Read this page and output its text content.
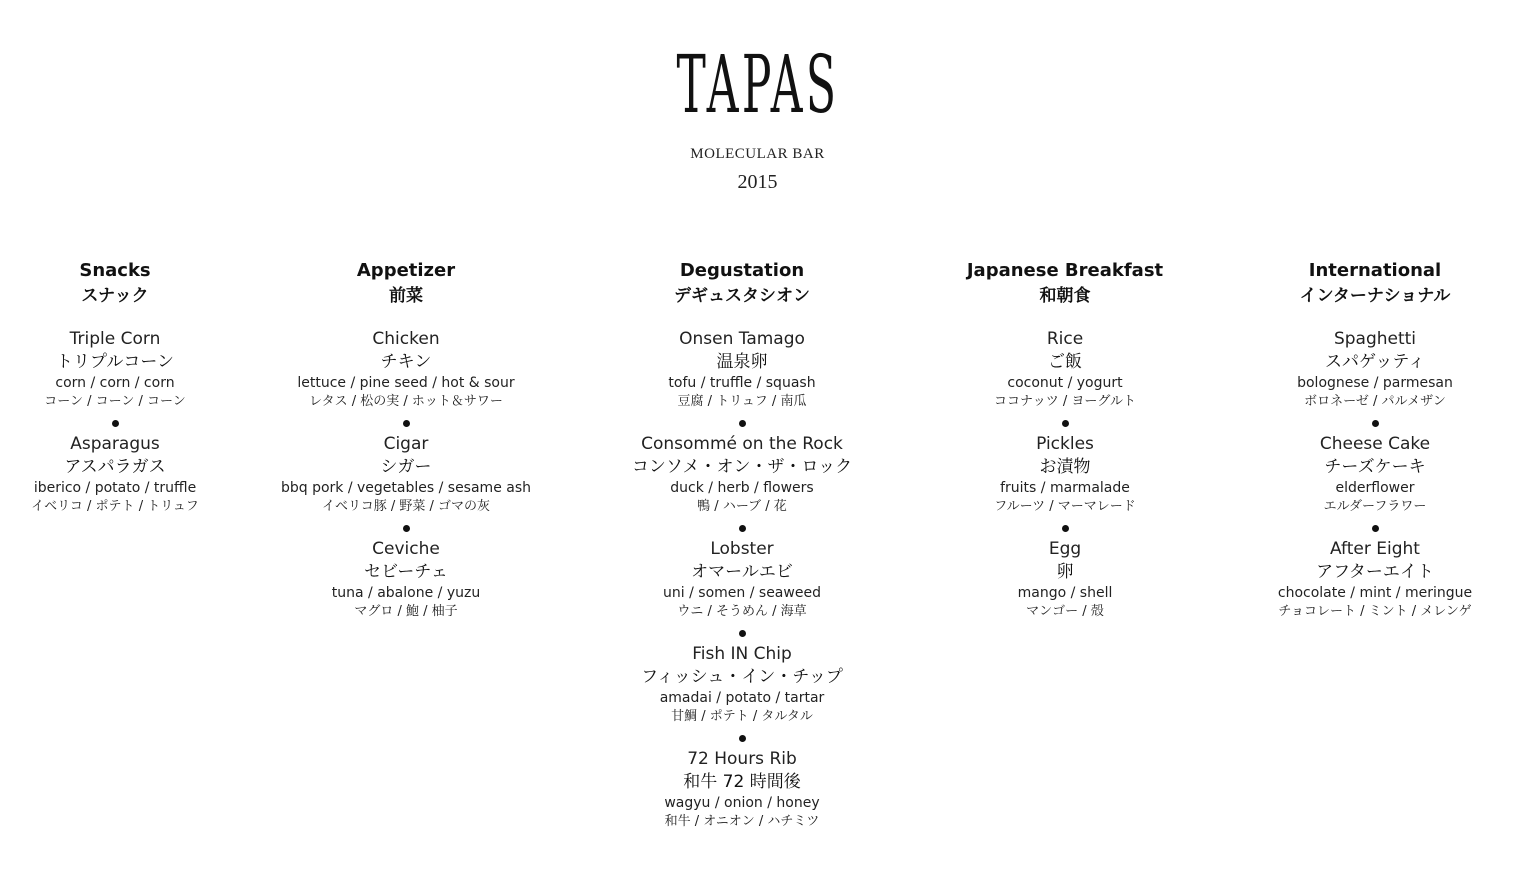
TAPAS
MOLECULAR BAR
2015
Snacks
スナック
Triple Corn
トリプルコーン
corn / corn / corn
コーン / コーン / コーン
Asparagus
アスパラガス
iberico / potato / truffle
イベリコ / ポテト / トリュフ
Appetizer
前菜
Chicken
チキン
lettuce / pine seed / hot & sour
レタス / 松の実 / ホット＆サワー
Cigar
シガー
bbq pork / vegetables / sesame ash
イベリコ豚 / 野菜 / ゴマの灰
Ceviche
セビーチェ
tuna / abalone / yuzu
マグロ / 鮑 / 柚子
Degustation
デギュスタシオン
Onsen Tamago
温泉卵
tofu / truffle / squash
豆腐 / トリュフ / 南瓜
Consommé on the Rock
コンソメ・オン・ザ・ロック
duck / herb / flowers
鴨 / ハーブ / 花
Lobster
オマールエビ
uni / somen / seaweed
ウニ / そうめん / 海草
Fish IN Chip
フィッシュ・イン・チップ
amadai / potato / tartar
甘鯛 / ポテト / タルタル
72 Hours Rib
和牛 72 時間後
wagyu / onion / honey
和牛 / オニオン / ハチミツ
Japanese Breakfast
和朝食
Rice
ご飯
coconut / yogurt
ココナッツ / ヨーグルト
Pickles
お漬物
fruits / marmalade
フルーツ / マーマレード
Egg
卵
mango / shell
マンゴー / 殻
International
インターナショナル
Spaghetti
スパゲッティ
bolognese / parmesan
ボロネーゼ / パルメザン
Cheese Cake
チーズケーキ
elderflower
エルダーフラワー
After Eight
アフターエイト
chocolate / mint / meringue
チョコレート / ミント / メレンゲ
